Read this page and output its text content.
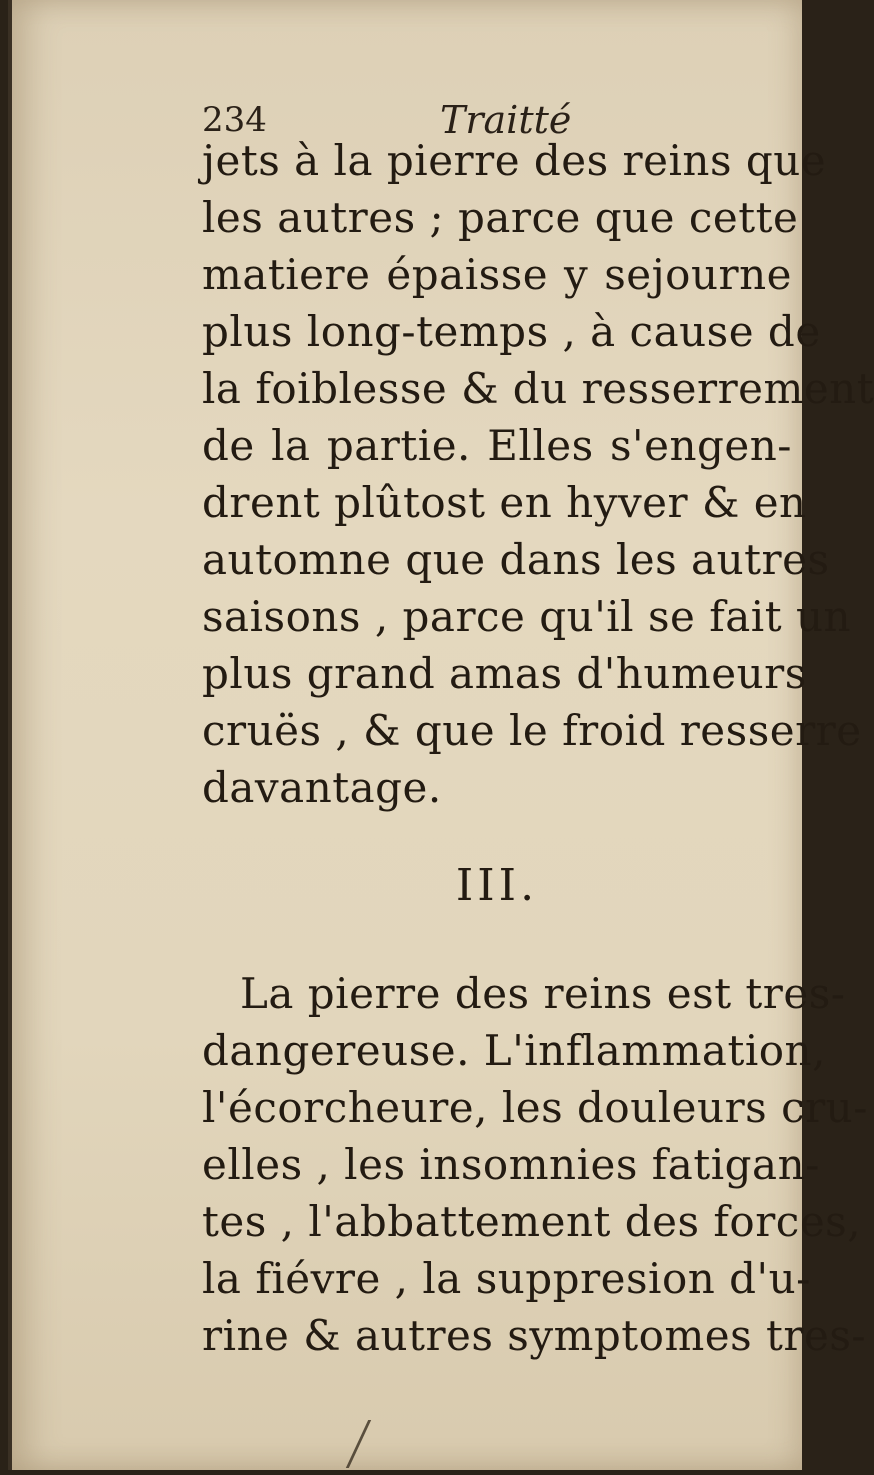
234	Traitté
jets à la pierre des reins que
les autres ; parce que cette
matiere épaisse y sejourne
plus long-temps , à cause de
la foiblesse & du resserrement
de la partie. Elles s'engen-
drent plûtost en hyver & en
automne que dans les autres
saisons , parce qu'il se fait un
plus grand amas d'humeurs
cruës , & que le froid resserre
davantage.
III.
La pierre des reins est tres-
dangereuse. L'inflammation,
l'écorcheure, les douleurs cru-
elles , les insomnies fatigan-
tes , l'abbattement des forces,
la fiévre , la suppresion d'u-
rine & autres symptomes tres-
